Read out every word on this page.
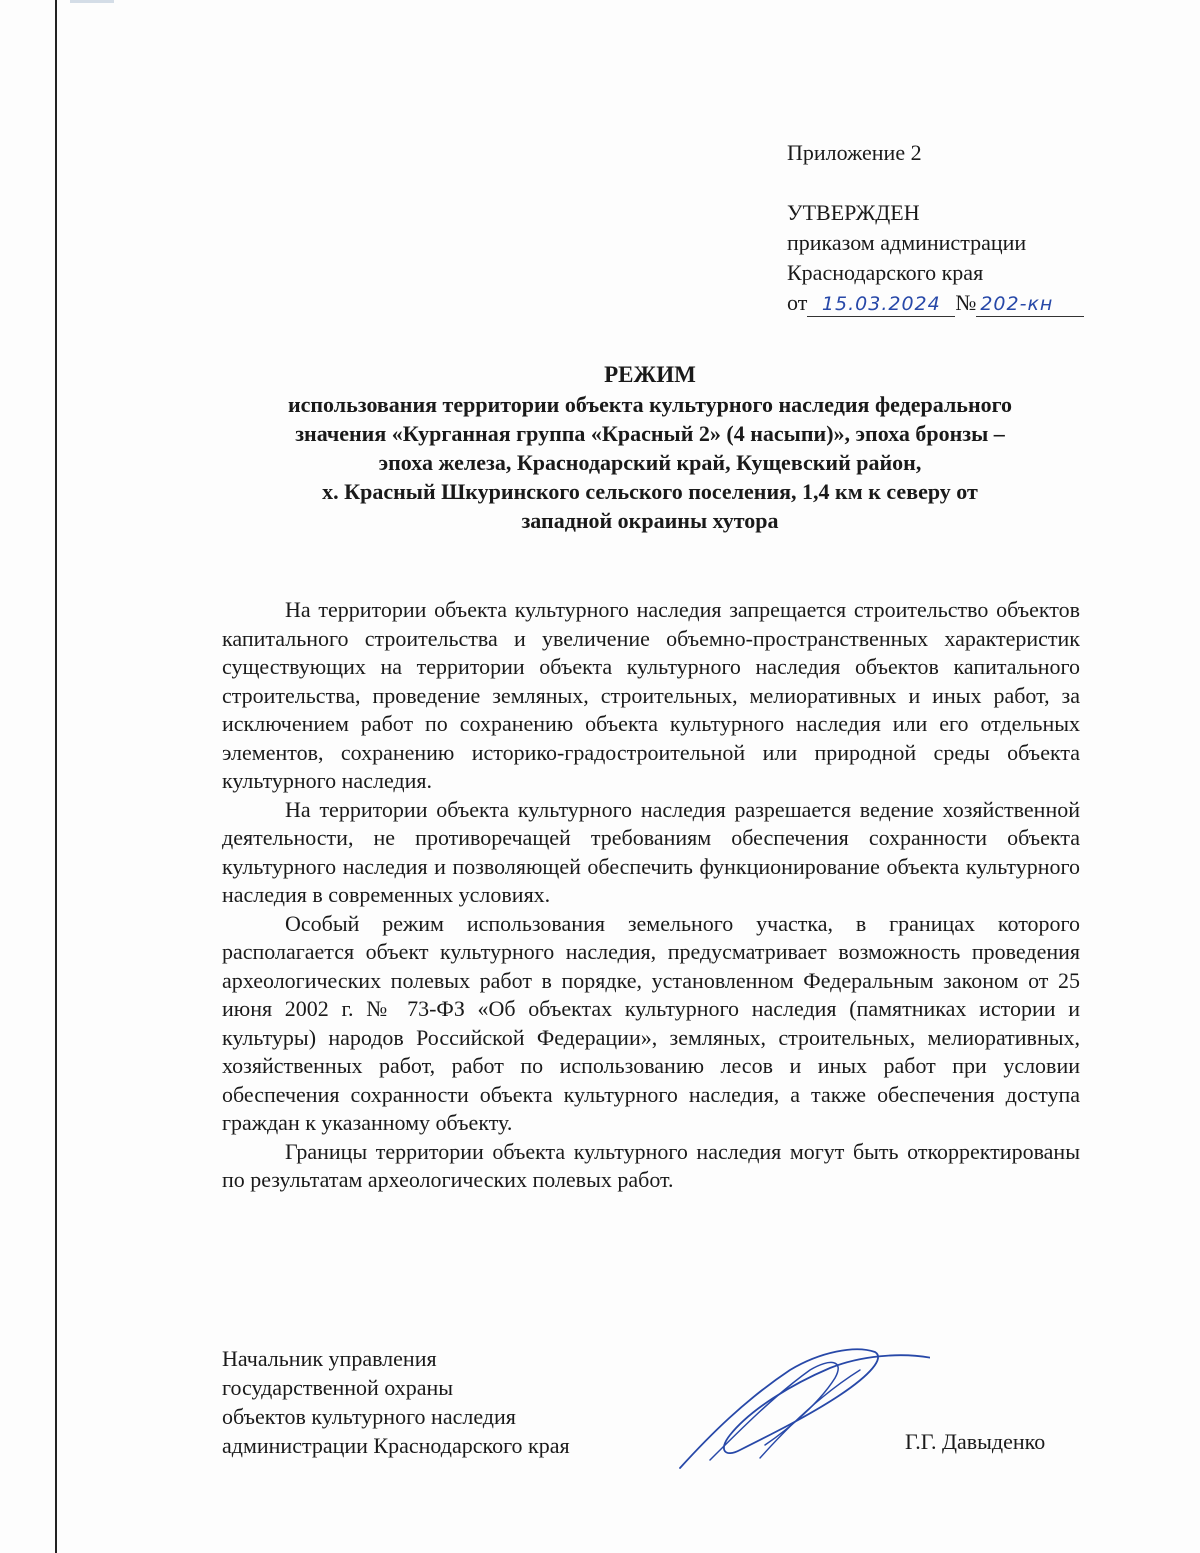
Приложение 2
УТВЕРЖДЕН
приказом администрации
Краснодарского края
от 15.03.2024 № 202-кн
РЕЖИМ
использования территории объекта культурного наследия федерального
значения «Курганная группа «Красный 2» (4 насыпи)», эпоха бронзы –
эпоха железа, Краснодарский край, Кущевский район,
х. Красный Шкуринского сельского поселения, 1,4 км к северу от
западной окраины хутора

На территории объекта культурного наследия запрещается строительство объектов капитального строительства и увеличение объемно-пространственных характеристик существующих на территории объекта культурного наследия объектов капитального строительства, проведение земляных, строительных, мелиоративных и иных работ, за исключением работ по сохранению объекта культурного наследия или его отдельных элементов, сохранению историко-градостроительной или природной среды объекта культурного наследия.

На территории объекта культурного наследия разрешается ведение хозяйственной деятельности, не противоречащей требованиям обеспечения сохранности объекта культурного наследия и позволяющей обеспечить функционирование объекта культурного наследия в современных условиях.

Особый режим использования земельного участка, в границах которого располагается объект культурного наследия, предусматривает возможность проведения археологических полевых работ в порядке, установленном Федеральным законом от 25 июня 2002 г. № 73-ФЗ «Об объектах культурного наследия (памятниках истории и культуры) народов Российской Федерации», земляных, строительных, мелиоративных, хозяйственных работ, работ по использованию лесов и иных работ при условии обеспечения сохранности объекта культурного наследия, а также обеспечения доступа граждан к указанному объекту.

Границы территории объекта культурного наследия могут быть откорректированы по результатам археологических полевых работ.

Начальник управления
государственной охраны
объектов культурного наследия
администрации Краснодарского края	Г.Г. Давыденко
